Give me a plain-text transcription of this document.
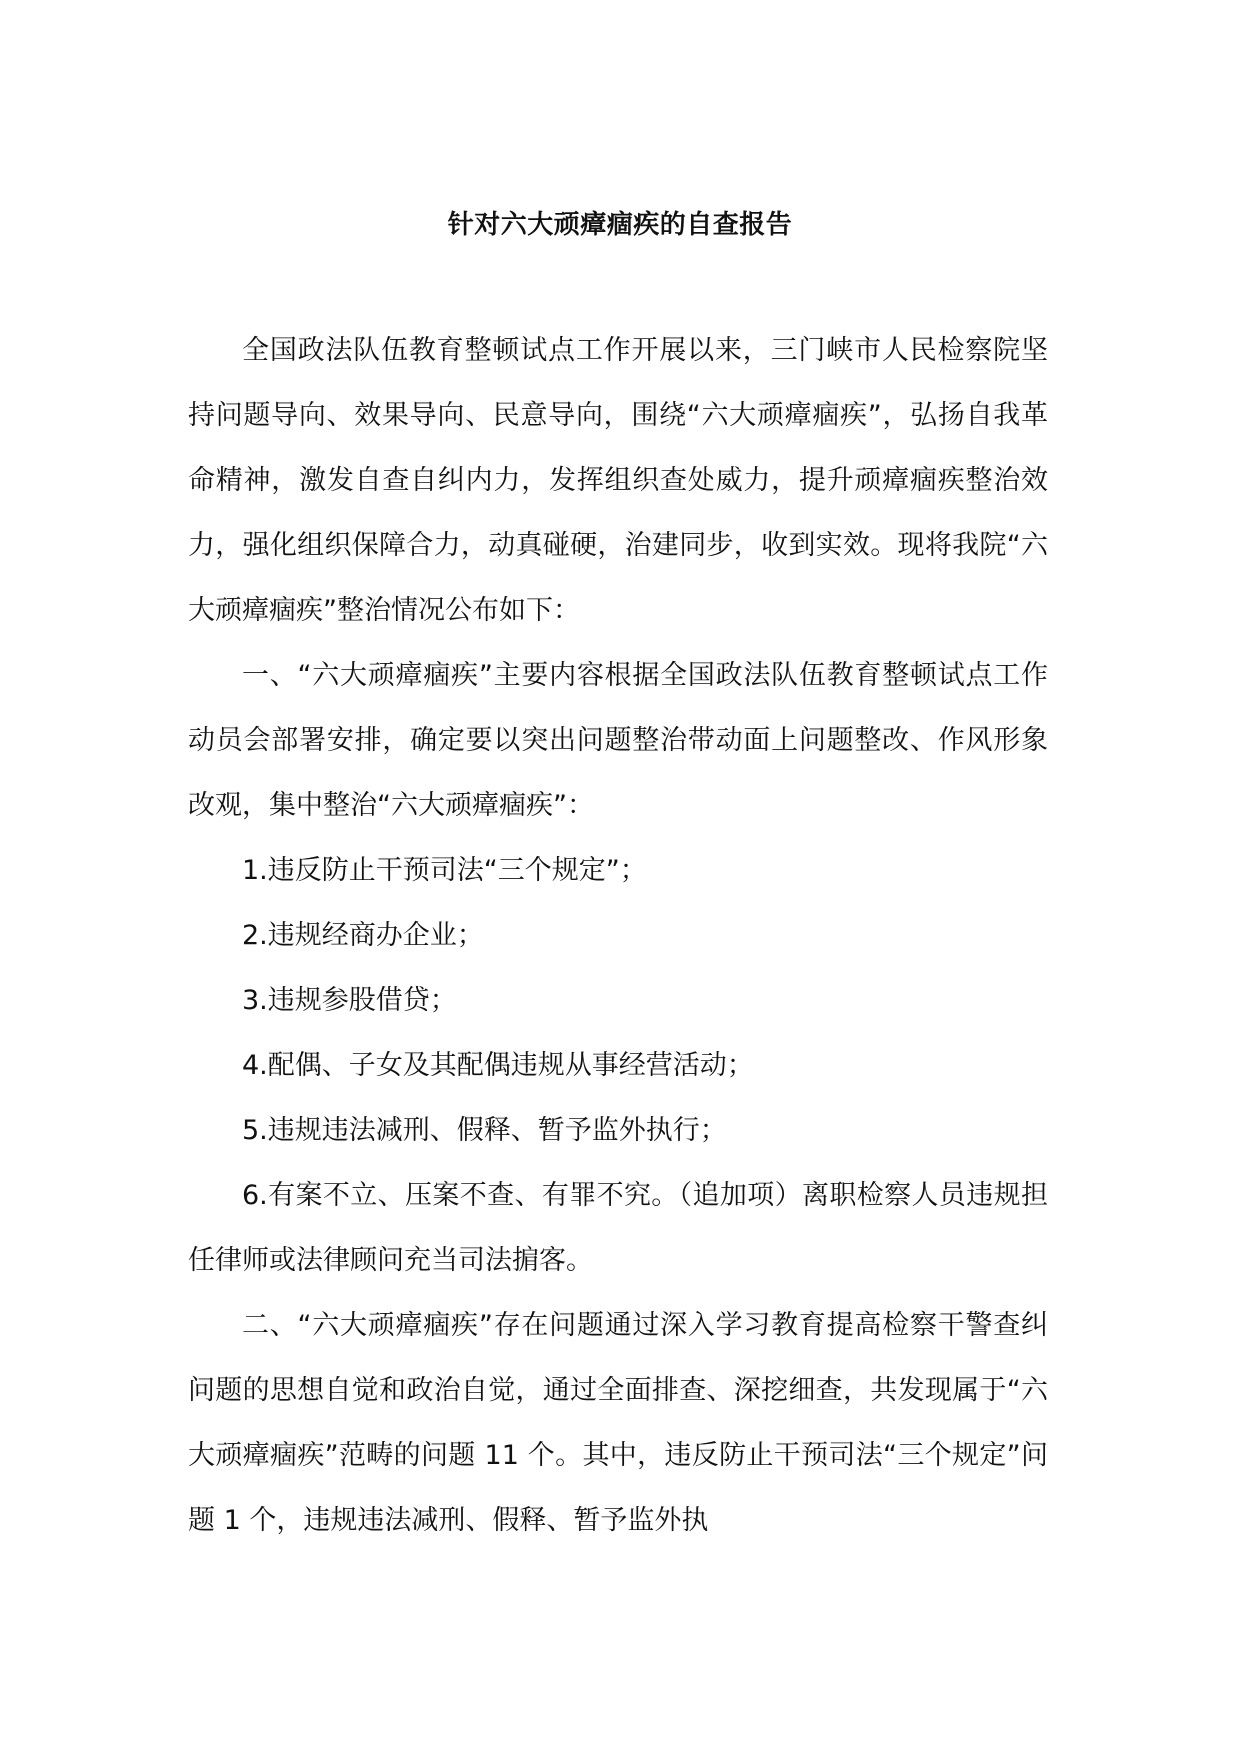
针对六大顽瘴痼疾的自查报告

全国政法队伍教育整顿试点工作开展以来，三门峡市人民检察院坚持问题导向、效果导向、民意导向，围绕“六大顽瘴痼疾”，弘扬自我革命精神，激发自查自纠内力，发挥组织查处威力，提升顽瘴痼疾整治效力，强化组织保障合力，动真碰硬，治建同步，收到实效。现将我院“六大顽瘴痼疾”整治情况公布如下：

一、“六大顽瘴痼疾”主要内容根据全国政法队伍教育整顿试点工作动员会部署安排，确定要以突出问题整治带动面上问题整改、作风形象改观，集中整治“六大顽瘴痼疾”：

1.违反防止干预司法“三个规定”；

2.违规经商办企业；

3.违规参股借贷；

4.配偶、子女及其配偶违规从事经营活动；

5.违规违法减刑、假释、暂予监外执行；

6.有案不立、压案不查、有罪不究。（追加项）离职检察人员违规担任律师或法律顾问充当司法掮客。

二、“六大顽瘴痼疾”存在问题通过深入学习教育提高检察干警查纠问题的思想自觉和政治自觉，通过全面排查、深挖细查，共发现属于“六大顽瘴痼疾”范畴的问题 11 个。其中，违反防止干预司法“三个规定”问题 1 个，违规违法减刑、假释、暂予监外执
